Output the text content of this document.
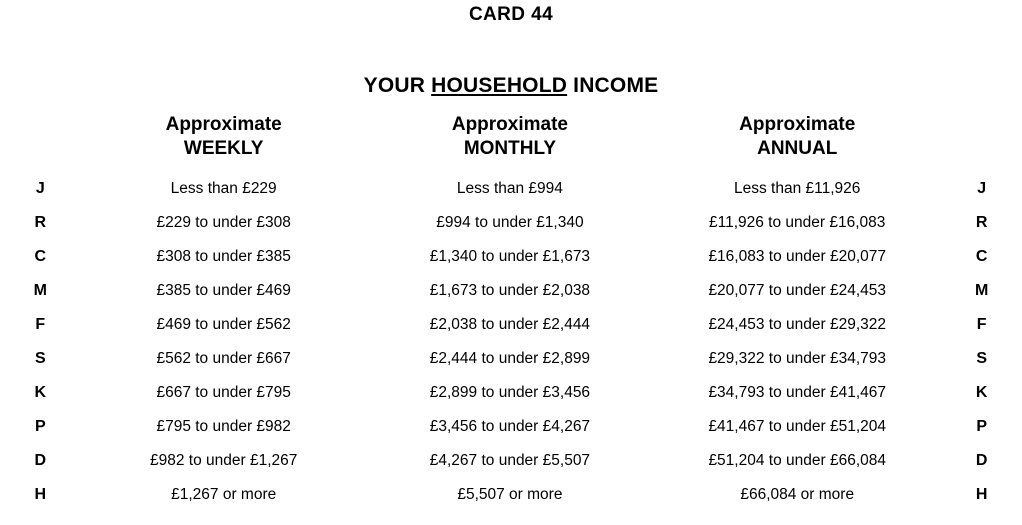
CARD 44
YOUR HOUSEHOLD INCOME

Approximate
WEEKLY

Approximate
MONTHLY

Approximate
ANNUAL

J	Less than £229	Less than £994	Less than £11,926	J
R	£229 to under £308	£994 to under £1,340	£11,926 to under £16,083	R
C	£308 to under £385	£1,340 to under £1,673	£16,083 to under £20,077	C
M	£385 to under £469	£1,673 to under £2,038	£20,077 to under £24,453	M
F	£469 to under £562	£2,038 to under £2,444	£24,453 to under £29,322	F
S	£562 to under £667	£2,444 to under £2,899	£29,322 to under £34,793	S
K	£667 to under £795	£2,899 to under £3,456	£34,793 to under £41,467	K
P	£795 to under £982	£3,456 to under £4,267	£41,467 to under £51,204	P
D	£982 to under £1,267	£4,267 to under £5,507	£51,204 to under £66,084	D
H	£1,267 or more	£5,507 or more	£66,084 or more	H
